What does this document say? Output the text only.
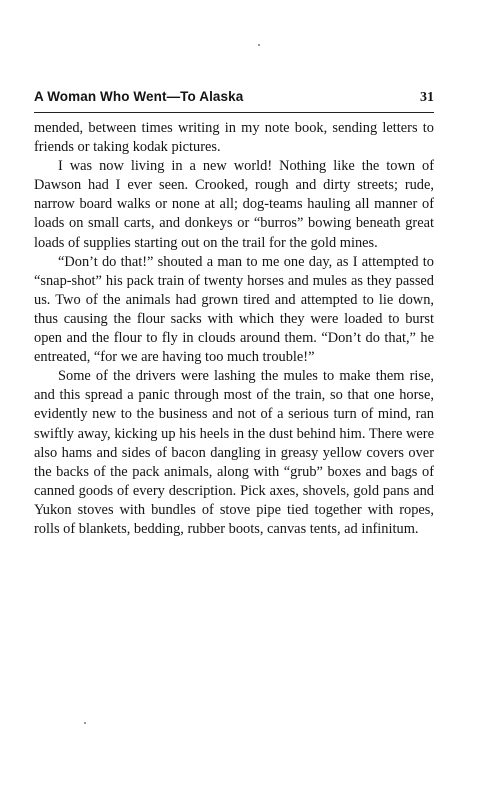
A Woman Who Went—To Alaska	31

mended, between times writing in my note book, sending letters to friends or taking kodak pictures.

I was now living in a new world! Nothing like the town of Dawson had I ever seen. Crooked, rough and dirty streets; rude, narrow board walks or none at all; dog-teams hauling all manner of loads on small carts, and donkeys or “burros” bowing beneath great loads of supplies starting out on the trail for the gold mines.

“Don’t do that!” shouted a man to me one day, as I attempted to “snap-shot” his pack train of twenty horses and mules as they passed us. Two of the animals had grown tired and attempted to lie down, thus causing the flour sacks with which they were loaded to burst open and the flour to fly in clouds around them. “Don’t do that,” he entreated, “for we are having too much trouble!”

Some of the drivers were lashing the mules to make them rise, and this spread a panic through most of the train, so that one horse, evidently new to the business and not of a serious turn of mind, ran swiftly away, kicking up his heels in the dust behind him. There were also hams and sides of bacon dangling in greasy yellow covers over the backs of the pack animals, along with “grub” boxes and bags of canned goods of every description. Pick axes, shovels, gold pans and Yukon stoves with bundles of stove pipe tied together with ropes, rolls of blankets, bedding, rubber boots, canvas tents, ad infinitum.
